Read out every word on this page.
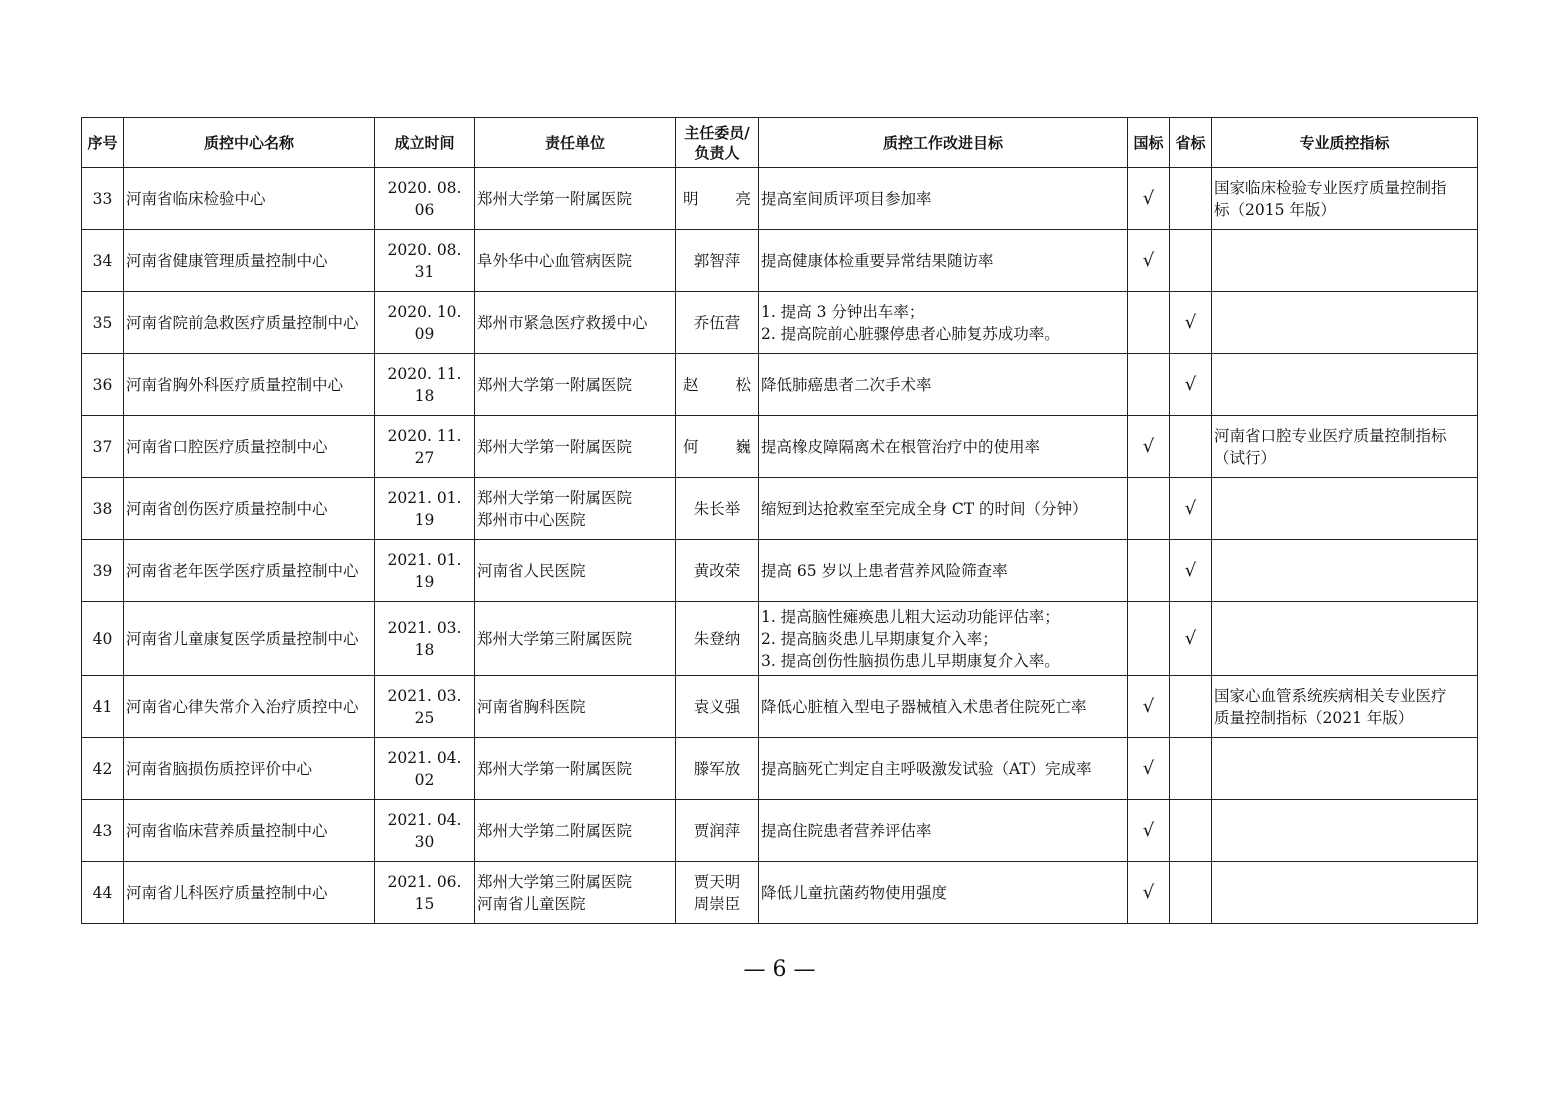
序号	质控中心名称	成立时间	责任单位	主任委员/
负责人	质控工作改进目标	国标	省标	专业质控指标
33	河南省临床检验中心	2020. 08. 06	郑州大学第一附属医院	明 亮	提高室间质评项目参加率	√		国家临床检验专业医疗质量控制指
标（2015 年版）

34	河南省健康管理质量控制中心	2020. 08. 31	阜外华中心血管病医院	郭智萍	提高健康体检重要异常结果随访率	√		
35	河南省院前急救医疗质量控制中心	2020. 10. 09	郑州市紧急医疗救援中心	乔伍营	1. 提高 3 分钟出车率；
2. 提高院前心脏骤停患者心肺复苏成功率。		√	
36	河南省胸外科医疗质量控制中心	2020. 11. 18	郑州大学第一附属医院	赵 松	降低肺癌患者二次手术率		√	
37	河南省口腔医疗质量控制中心	2020. 11. 27	郑州大学第一附属医院	何 巍	提高橡皮障隔离术在根管治疗中的使用率	√		河南省口腔专业医疗质量控制指标
（试行）

38	河南省创伤医疗质量控制中心	2021. 01. 19	郑州大学第一附属医院
郑州市中心医院	朱长举	缩短到达抢救室至完成全身 CT 的时间（分钟）		√	
39	河南省老年医学医疗质量控制中心	2021. 01. 19	河南省人民医院	黄改荣	提高 65 岁以上患者营养风险筛查率		√	
40	河南省儿童康复医学质量控制中心	2021. 03. 18	郑州大学第三附属医院	朱登纳	1. 提高脑性瘫痪患儿粗大运动功能评估率；
2. 提高脑炎患儿早期康复介入率；
3. 提高创伤性脑损伤患儿早期康复介入率。		√	
41	河南省心律失常介入治疗质控中心	2021. 03. 25	河南省胸科医院	袁义强	降低心脏植入型电子器械植入术患者住院死亡率	√		国家心血管系统疾病相关专业医疗
质量控制指标（2021 年版）

42	河南省脑损伤质控评价中心	2021. 04. 02	郑州大学第一附属医院	滕军放	提高脑死亡判定自主呼吸激发试验（AT）完成率	√		
43	河南省临床营养质量控制中心	2021. 04. 30	郑州大学第二附属医院	贾润萍	提高住院患者营养评估率	√		
44	河南省儿科医疗质量控制中心	2021. 06. 15	郑州大学第三附属医院
河南省儿童医院	贾天明
周崇臣	降低儿童抗菌药物使用强度	√		
— 6 —
